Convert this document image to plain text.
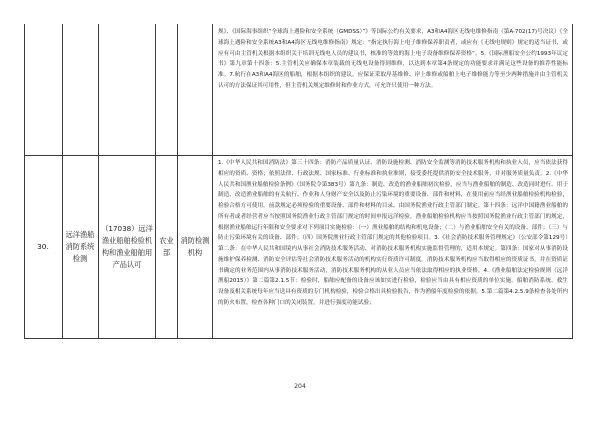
规》、《国际海事组织“全球海上遇险和安全系统（GMDSS）”》等国际公约有关要求，A3和A4海区无线电维修指南（第A·702(17)号决议）《全球海上遇险和安全系统A3和A4海区无线电维修指南》规定：“指定执行海上电子维修保养职责者，或应有《无线电规则》规定的适当证书，或应有可由主管机关根据本组织关于培训无线电人员的建议书，核准的等效的海上电子设备维修保养资格”。5.《国际渔船安全公约1993年议定书》第九章第十四条：5.主管机关应确保本章装载的无线电设备得到维修，以达到本章第4条规定的功能要求并满足这些设备的推荐性能标准。7.航行在A3和A4海区的船舶，根据本组织的建议，应保证采取岸基维修、岸上维修或船舶上电子维修能力等至少两种措施并由主管机关认可的方法保证其可用性，但主管机关规定维修时和作业方式，可允许只使用一种方法。
30.
远洋渔船消防系统检测
（17038）远洋渔业船舶检验机构和渔业船舶用产品认可
农业部
消防检测机构
1.《中华人民共和国消防法》第三十四条：消防产品质量认证、消防设施检测、消防安全监测等消防技术服务机构和执业人员，应当依法获得相应的资质、资格；依照法律、行政法规、国家标准、行业标准和执业准则，接受委托提供消防安全技术服务，并对服务质量负责。2.《中华人民共和国渔业船舶检验条例》（国务院令第383号）第九条：制造、改造的渔业船舶初次检验，应当与渔业船舶的制造、改造同时进行。用于制造、改造渔业船舶的有关航行、作业和人身财产安全以及防止污染环境的重要设备、部件和材料，在使用前应当经渔业船舶检验机构检验，检验合格方可使用。前款规定必须检验的重要设备、部件和材料的目录，由国务院渔业行政主管部门制定。第十四条：远洋中国籍渔业船舶的所有者或者经营者应当按照国务院渔业行政主管部门规定的时间申报远洋检验，渔业船舶检验机构应当按照国务院渔业行政主管部门的规定，根据渔业船舶运行年限和安全要求对下列项目实施检验：（一）渔业船舶的结构和机电设备；（二）与渔业船舶安全有关的设备、部件；（三）与防止污染环境有关的设备、部件；（四）国务院渔业行政主管部门规定的其他检验项目。3.《社会消防技术服务管理规定》（公安部令第129号）第二条：在中华人民共和国境内从事社会消防技术服务活动、对消防技术服务机构实施监督管理的，适用本规定。第四条：国家对从事消防设施维护保养检测、消防安全评估等社会消防技术服务活动的机构实行资质许可制度。消防技术服务机构应当取得相应的资质证书，并在资质证书确定的业务范围内从事消防技术服务活动，消防技术服务机构的从业人员应当依法取得相应的执业资格。4.《渔业船舶法定检验规则（远洋渔船2015）》第二篇第2.1.5节：检验时，船舶应配备的设备应该如实进行检验，检验应当由具有相应资质的单位实施。船舶消防系统、救生设备及相关系统每年应当送具有资质的专门机构检验，检验合格出具检验报告，作为渔船年度检验的依据。5.第二篇第4.2.5.9条检查各处所内的防火布置，检查各种门口的关闭装置，并进行强度功能试验；
204
